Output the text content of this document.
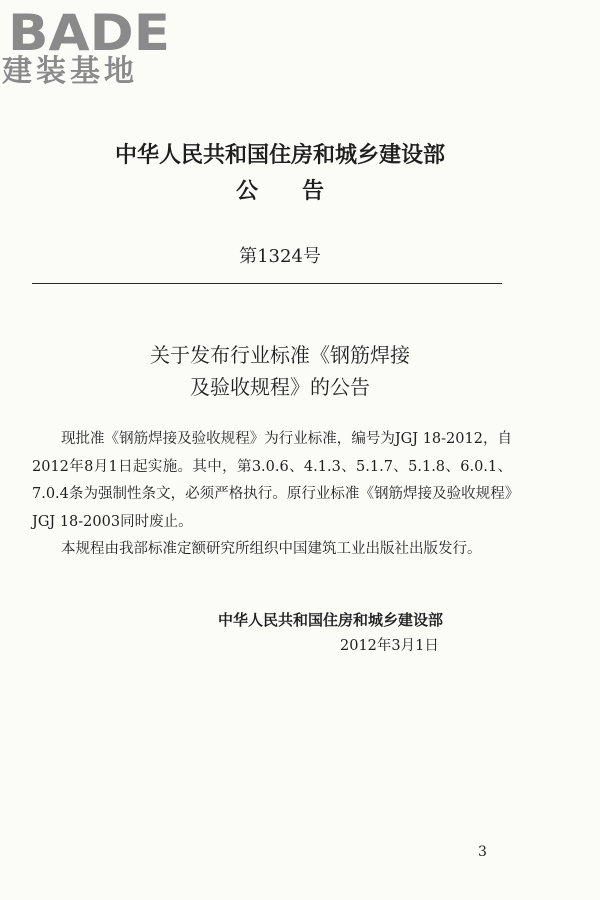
BADE
建装基地
中华人民共和国住房和城乡建设部
公告
第1324号
关于发布行业标准《钢筋焊接
及验收规程》的公告

现批准《钢筋焊接及验收规程》为行业标准，编号为JGJ 18-2012，自2012年8月1日起实施。其中，第3.0.6、4.1.3、5.1.7、5.1.8、6.0.1、7.0.4条为强制性条文，必须严格执行。原行业标准《钢筋焊接及验收规程》JGJ 18-2003同时废止。

本规程由我部标准定额研究所组织中国建筑工业出版社出版发行。

中华人民共和国住房和城乡建设部
2012年3月1日
3
